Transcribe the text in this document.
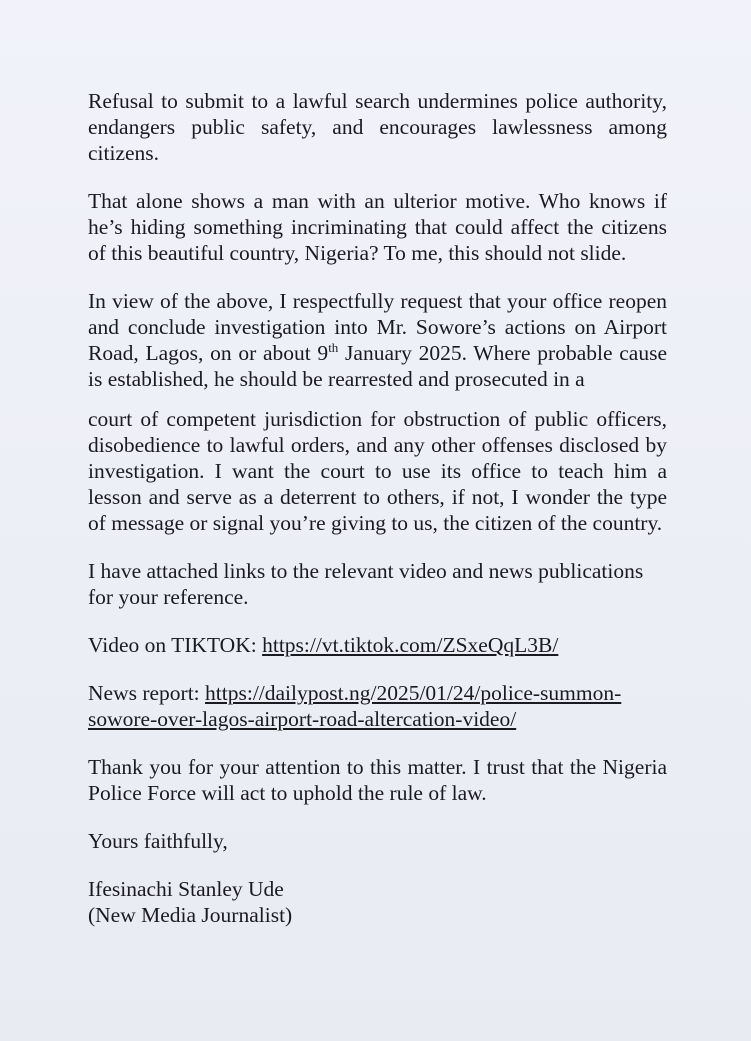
Refusal to submit to a lawful search undermines police authority, endangers public safety, and encourages lawlessness among citizens.

That alone shows a man with an ulterior motive. Who knows if he’s hiding something incriminating that could affect the citizens of this beautiful country, Nigeria? To me, this should not slide.

In view of the above, I respectfully request that your office reopen and conclude investigation into Mr. Sowore’s actions on Airport Road, Lagos, on or about 9th January 2025. Where probable cause is established, he should be rearrested and prosecuted in a

court of competent jurisdiction for obstruction of public officers, disobedience to lawful orders, and any other offenses disclosed by investigation. I want the court to use its office to teach him a lesson and serve as a deterrent to others, if not, I wonder the type of message or signal you’re giving to us, the citizen of the country.

I have attached links to the relevant video and news publications for your reference.

Video on TIKTOK: https://vt.tiktok.com/ZSxeQqL3B/

News report: https://dailypost.ng/2025/01/24/police-summon-sowore-over-lagos-airport-road-altercation-video/

Thank you for your attention to this matter. I trust that the Nigeria Police Force will act to uphold the rule of law.

Yours faithfully,

Ifesinachi Stanley Ude

(New Media Journalist)
